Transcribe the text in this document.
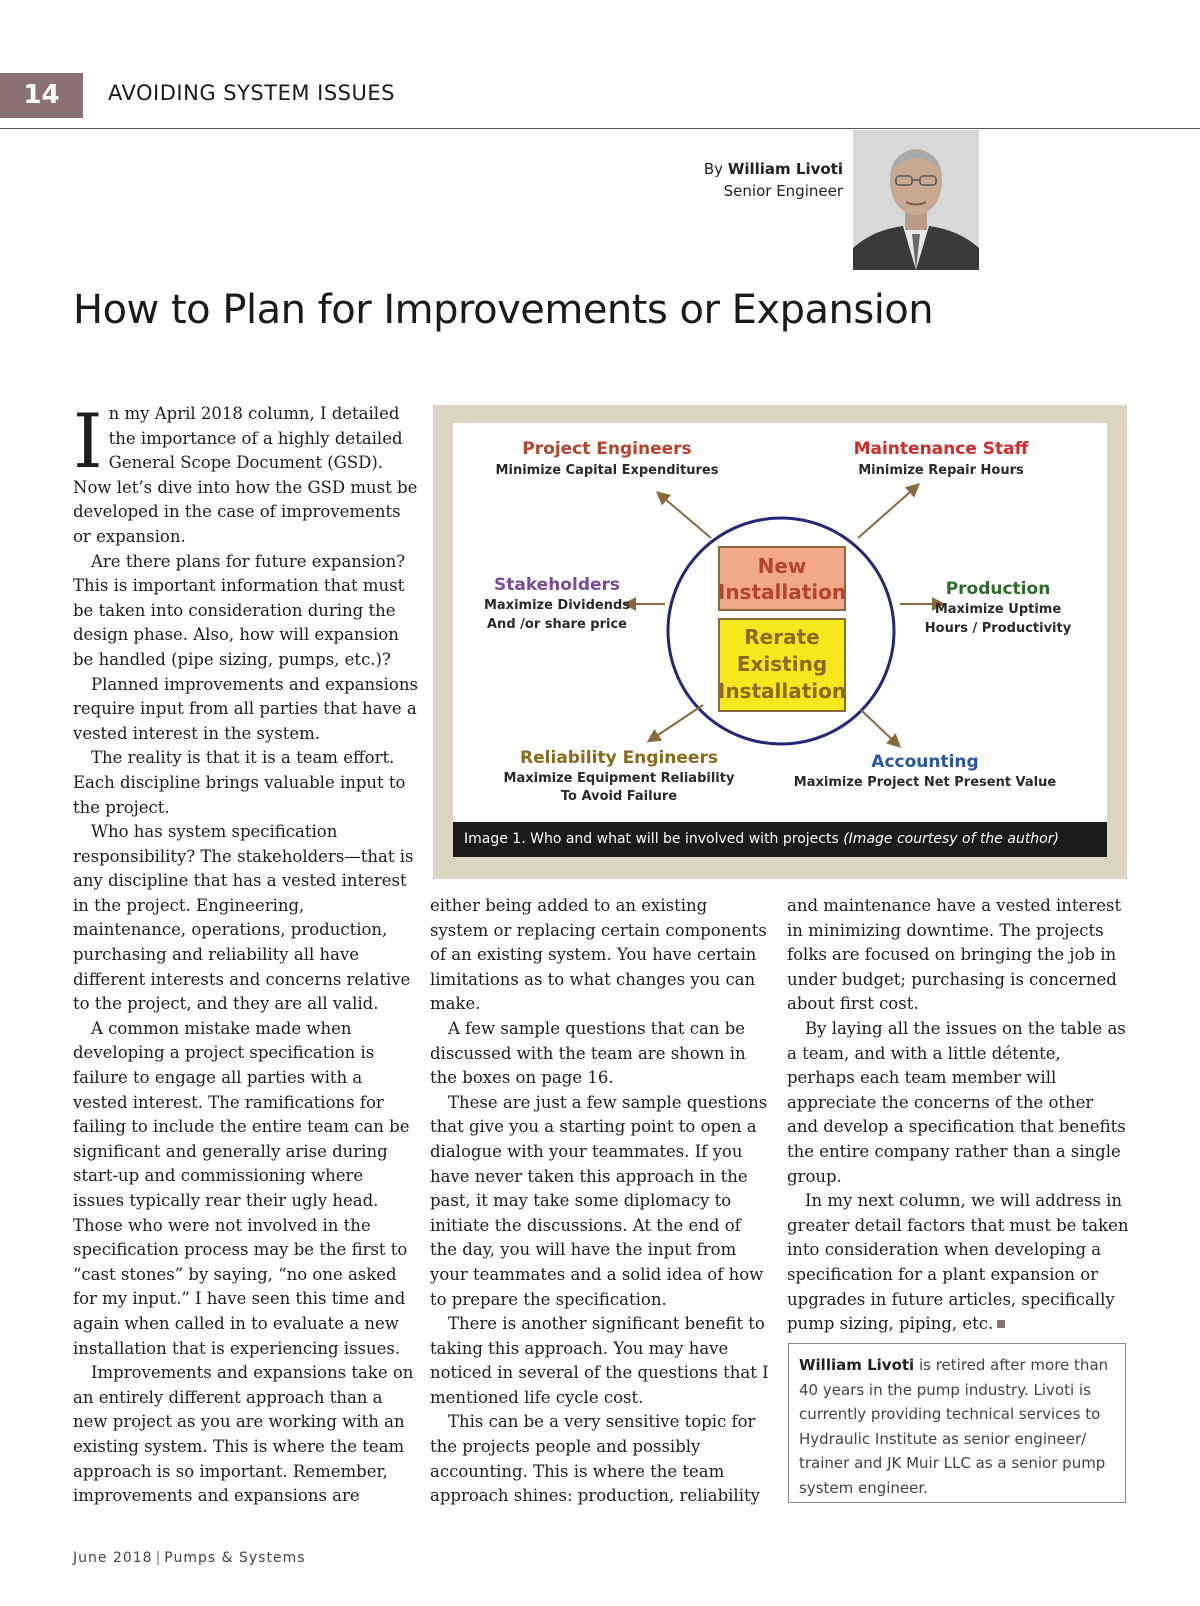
14	AVOIDING SYSTEM ISSUES
By William Livoti
Senior Engineer
How to Plan for Improvements or Expansion

In my April 2018 column, I detailed the importance of a highly detailed General Scope Document (GSD). Now let’s dive into how the GSD must be developed in the case of improvements or expansion.

Are there plans for future expansion? This is important information that must be taken into consideration during the design phase. Also, how will expansion be handled (pipe sizing, pumps, etc.)?

Planned improvements and expansions require input from all parties that have a vested interest in the system.

The reality is that it is a team effort. Each discipline brings valuable input to the project.

Who has system specification responsibility? The stakeholders—that is any discipline that has a vested interest in the project. Engineering, maintenance, operations, production, purchasing and reliability all have different interests and concerns relative to the project, and they are all valid.

A common mistake made when developing a project specification is failure to engage all parties with a vested interest. The ramifications for failing to include the entire team can be significant and generally arise during start-up and commissioning where issues typically rear their ugly head. Those who were not involved in the specification process may be the first to “cast stones” by saying, “no one asked for my input.” I have seen this time and again when called in to evaluate a new installation that is experiencing issues.

Improvements and expansions take on an entirely different approach than a new project as you are working with an existing system. This is where the team approach is so important. Remember, improvements and expansions are

New
Installation
Rerate
Existing
Installation
Project Engineers
Minimize Capital Expenditures
Maintenance Staff
Minimize Repair Hours
Stakeholders
Maximize Dividends
And /or share price
Production
Maximize Uptime
Hours / Productivity
Reliability Engineers
Maximize Equipment Reliability
To Avoid Failure
Accounting
Maximize Project Net Present Value
Image 1. Who and what will be involved with projects (Image courtesy of the author)

either being added to an existing system or replacing certain components of an existing system. You have certain limitations as to what changes you can make.

A few sample questions that can be discussed with the team are shown in the boxes on page 16.

These are just a few sample questions that give you a starting point to open a dialogue with your teammates. If you have never taken this approach in the past, it may take some diplomacy to initiate the discussions. At the end of the day, you will have the input from your teammates and a solid idea of how to prepare the specification.

There is another significant benefit to taking this approach. You may have noticed in several of the questions that I mentioned life cycle cost.

This can be a very sensitive topic for the projects people and possibly accounting. This is where the team approach shines: production, reliability

and maintenance have a vested interest in minimizing downtime. The projects folks are focused on bringing the job in under budget; purchasing is concerned about first cost.

By laying all the issues on the table as a team, and with a little détente, perhaps each team member will appreciate the concerns of the other and develop a specification that benefits the entire company rather than a single group.

In my next column, we will address in greater detail factors that must be taken into consideration when developing a specification for a plant expansion or upgrades in future articles, specifically pump sizing, piping, etc.

William Livoti is retired after more than 40 years in the pump industry. Livoti is currently providing technical services to Hydraulic Institute as senior engineer/ trainer and JK Muir LLC as a senior pump system engineer.
June 2018 | Pumps & Systems
